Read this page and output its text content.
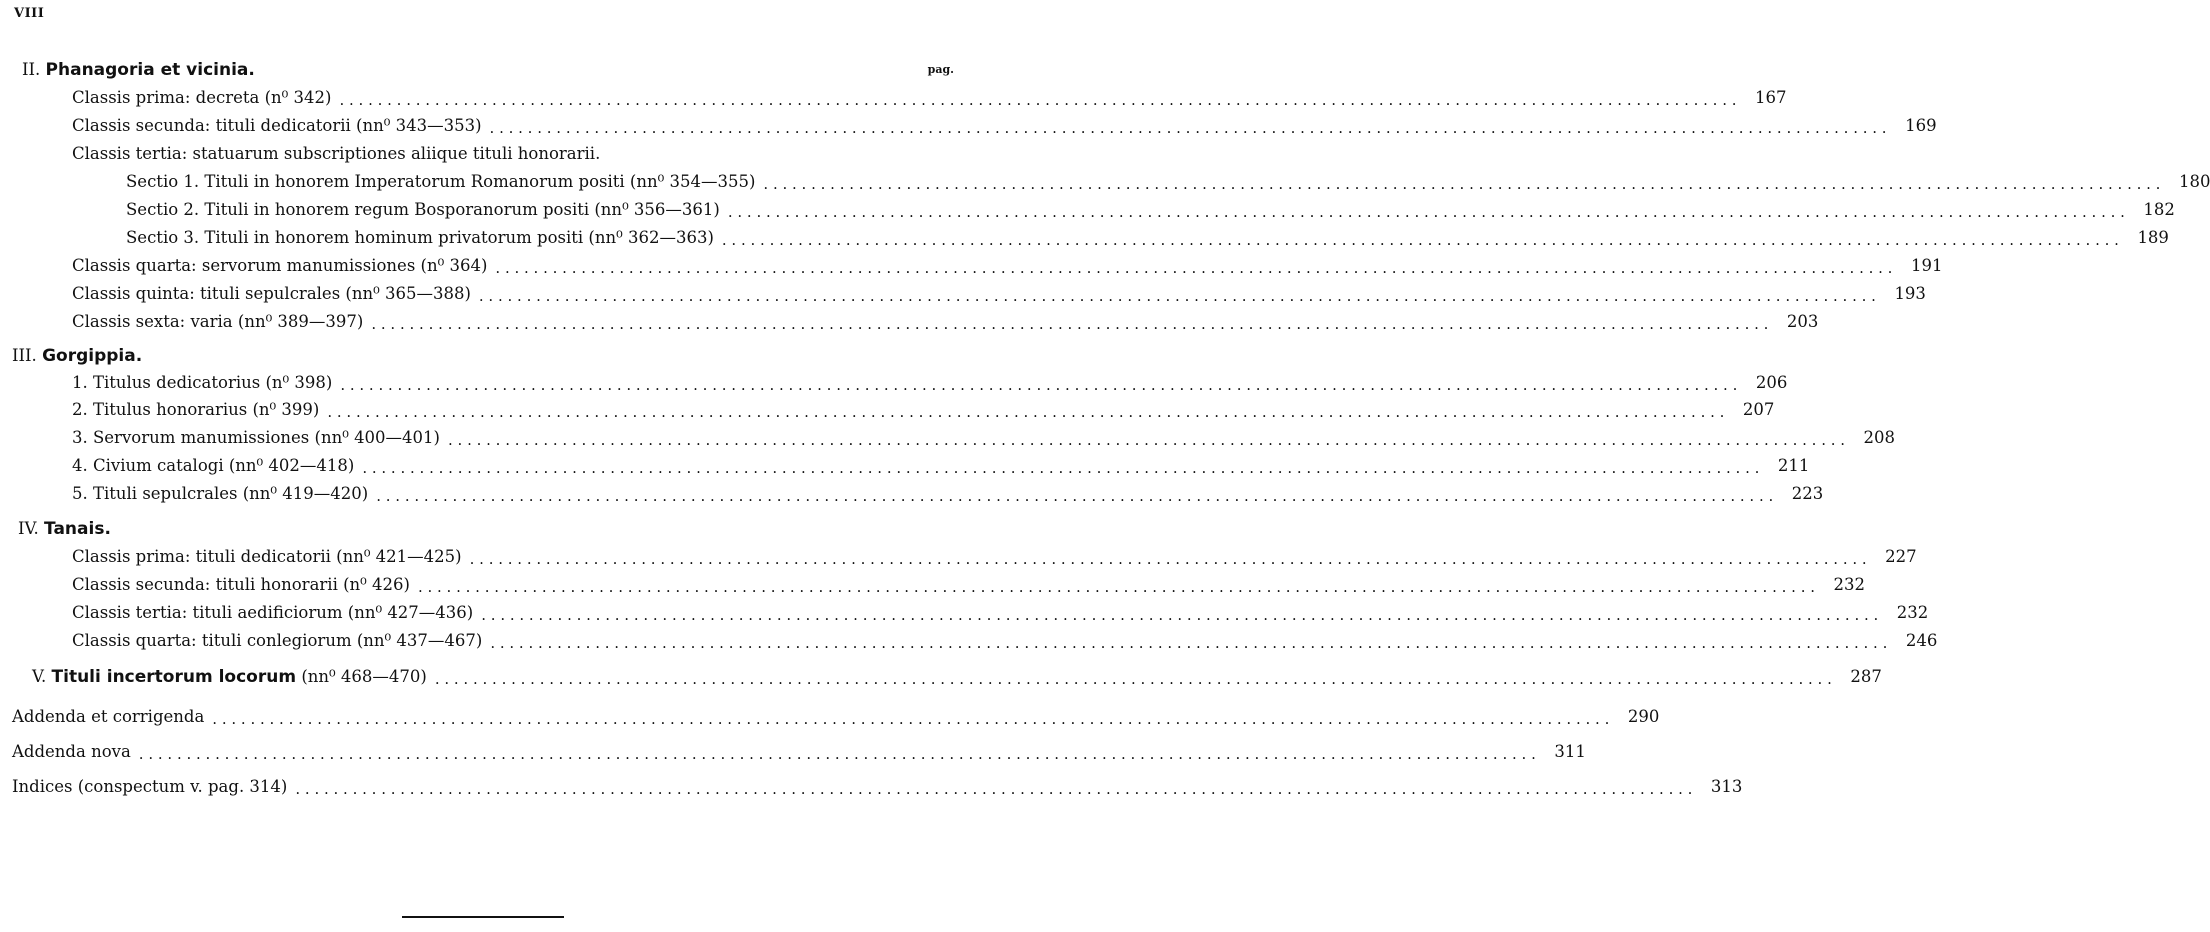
VIII
pag.
II. Phanagoria et vicinia.
Classis prima: decreta (n⁰ 342) . . .	167
Classis secunda: tituli dedicatorii (nn⁰ 343—353) . . .	169
Classis tertia: statuarum subscriptiones aliique tituli honorarii.
Sectio 1. Tituli in honorem Imperatorum Romanorum positi (nn⁰ 354—355) . . .	180
Sectio 2. Tituli in honorem regum Bosporanorum positi (nn⁰ 356—361) . . .	182
Sectio 3. Tituli in honorem hominum privatorum positi (nn⁰ 362—363) . . .	189
Classis quarta: servorum manumissiones (n⁰ 364) . . .	191
Classis quinta: tituli sepulcrales (nn⁰ 365—388) . . .	193
Classis sexta: varia (nn⁰ 389—397) . . .	203
III. Gorgippia.
1. Titulus dedicatorius (n⁰ 398) . . .	206
2. Titulus honorarius (n⁰ 399) . . .	207
3. Servorum manumissiones (nn⁰ 400—401) . . .	208
4. Civium catalogi (nn⁰ 402—418) . . .	211
5. Tituli sepulcrales (nn⁰ 419—420) . . .	223
IV. Tanais.
Classis prima: tituli dedicatorii (nn⁰ 421—425) . . .	227
Classis secunda: tituli honorarii (n⁰ 426) . . .	232
Classis tertia: tituli aedificiorum (nn⁰ 427—436) . . .	232
Classis quarta: tituli conlegiorum (nn⁰ 437—467) . . .	246
V. Tituli incertorum locorum (nn⁰ 468—470) . . .	287
Addenda et corrigenda . . .	290
Addenda nova . . .	311
Indices (conspectum v. pag. 314) . . .	313
